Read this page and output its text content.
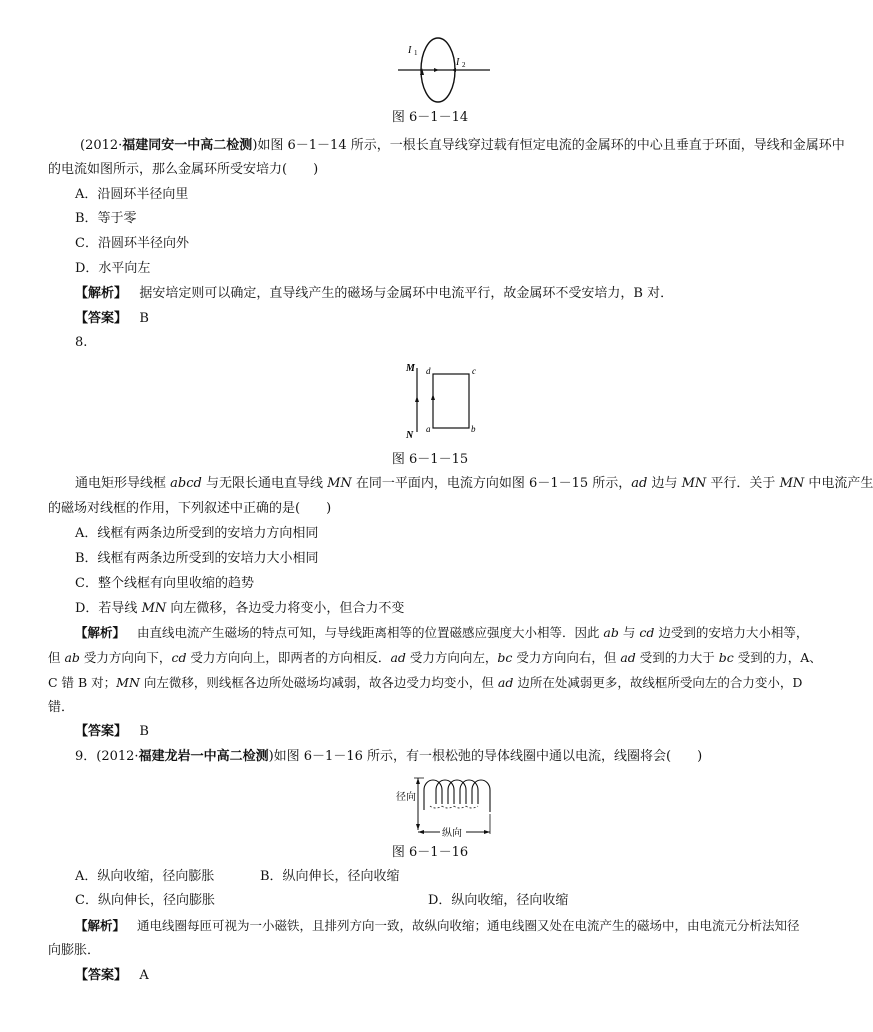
I 1
I 2
图 6－1－14
(2012·福建同安一中高二检测)如图 6－1－14 所示，一根长直导线穿过载有恒定电流的金属环的中心且垂直于环面，导线和金属环中
的电流如图所示，那么金属环所受安培力(　　)
A．沿圆环半径向里
B．等于零
C．沿圆环半径向外
D．水平向左
【解析】 据安培定则可以确定，直导线产生的磁场与金属环中电流平行，故金属环不受安培力，B 对．
【答案】 B
8.
M
N
d	c
a	b
图 6－1－15
通电矩形导线框 abcd 与无限长通电直导线 MN 在同一平面内，电流方向如图 6－1－15 所示，ad 边与 MN 平行．关于 MN 中电流产生
的磁场对线框的作用，下列叙述中正确的是(　　)
A．线框有两条边所受到的安培力方向相同
B．线框有两条边所受到的安培力大小相同
C．整个线框有向里收缩的趋势
D．若导线 MN 向左微移，各边受力将变小，但合力不变
【解析】 由直线电流产生磁场的特点可知，与导线距离相等的位置磁感应强度大小相等．因此 ab 与 cd 边受到的安培力大小相等，
但 ab 受力方向向下，cd 受力方向向上，即两者的方向相反．ad 受力方向向左，bc 受力方向向右，但 ad 受到的力大于 bc 受到的力，A、
C 错 B 对；MN 向左微移，则线框各边所处磁场均减弱，故各边受力均变小，但 ad 边所在处减弱更多，故线框所受向左的合力变小，D
错．
【答案】 B
9．(2012·福建龙岩一中高二检测)如图 6－1－16 所示，有一根松弛的导体线圈中通以电流，线圈将会(　　)
径向
纵向
图 6－1－16
A．纵向收缩，径向膨胀	B．纵向伸长，径向收缩
C．纵向伸长，径向膨胀	D．纵向收缩，径向收缩
【解析】 通电线圈每匝可视为一小磁铁，且排列方向一致，故纵向收缩；通电线圈又处在电流产生的磁场中，由电流元分析法知径
向膨胀．
【答案】 A
